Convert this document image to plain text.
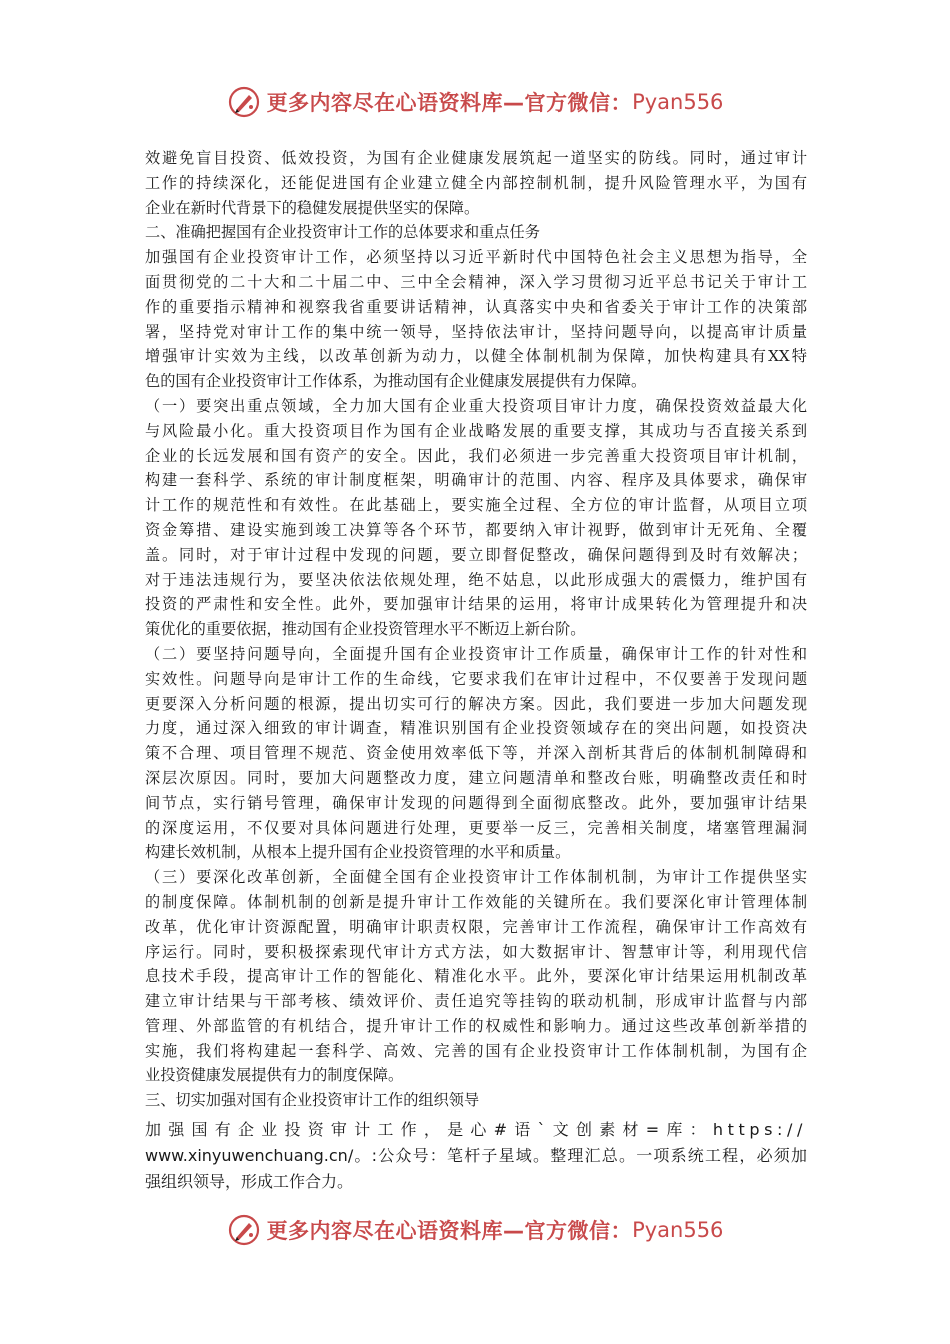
更多内容尽在心语资料库—官方微信： Pyan556
效避免盲目投资、低效投资，为国有企业健康发展筑起一道坚实的防线。同时，通过审计
工作的持续深化，还能促进国有企业建立健全内部控制机制，提升风险管理水平，为国有
企业在新时代背景下的稳健发展提供坚实的保障。
二、准确把握国有企业投资审计工作的总体要求和重点任务
加强国有企业投资审计工作，必须坚持以习近平新时代中国特色社会主义思想为指导，全
面贯彻党的二十大和二十届二中、三中全会精神，深入学习贯彻习近平总书记关于审计工
作的重要指示精神和视察我省重要讲话精神，认真落实中央和省委关于审计工作的决策部
署，坚持党对审计工作的集中统一领导，坚持依法审计，坚持问题导向，以提高审计质量
增强审计实效为主线，以改革创新为动力，以健全体制机制为保障，加快构建具有XX特
色的国有企业投资审计工作体系，为推动国有企业健康发展提供有力保障。
（一）要突出重点领域，全力加大国有企业重大投资项目审计力度，确保投资效益最大化
与风险最小化。重大投资项目作为国有企业战略发展的重要支撑，其成功与否直接关系到
企业的长远发展和国有资产的安全。因此，我们必须进一步完善重大投资项目审计机制，
构建一套科学、系统的审计制度框架，明确审计的范围、内容、程序及具体要求，确保审
计工作的规范性和有效性。在此基础上，要实施全过程、全方位的审计监督，从项目立项
资金筹措、建设实施到竣工决算等各个环节，都要纳入审计视野，做到审计无死角、全覆
盖。同时，对于审计过程中发现的问题，要立即督促整改，确保问题得到及时有效解决；
对于违法违规行为，要坚决依法依规处理，绝不姑息，以此形成强大的震慑力，维护国有
投资的严肃性和安全性。此外，要加强审计结果的运用，将审计成果转化为管理提升和决
策优化的重要依据，推动国有企业投资管理水平不断迈上新台阶。
（二）要坚持问题导向，全面提升国有企业投资审计工作质量，确保审计工作的针对性和
实效性。问题导向是审计工作的生命线，它要求我们在审计过程中，不仅要善于发现问题
更要深入分析问题的根源，提出切实可行的解决方案。因此，我们要进一步加大问题发现
力度，通过深入细致的审计调查，精准识别国有企业投资领域存在的突出问题，如投资决
策不合理、项目管理不规范、资金使用效率低下等，并深入剖析其背后的体制机制障碍和
深层次原因。同时，要加大问题整改力度，建立问题清单和整改台账，明确整改责任和时
间节点，实行销号管理，确保审计发现的问题得到全面彻底整改。此外，要加强审计结果
的深度运用，不仅要对具体问题进行处理，更要举一反三，完善相关制度，堵塞管理漏洞
构建长效机制，从根本上提升国有企业投资管理的水平和质量。
（三）要深化改革创新，全面健全国有企业投资审计工作体制机制，为审计工作提供坚实
的制度保障。体制机制的创新是提升审计工作效能的关键所在。我们要深化审计管理体制
改革，优化审计资源配置，明确审计职责权限，完善审计工作流程，确保审计工作高效有
序运行。同时，要积极探索现代审计方式方法，如大数据审计、智慧审计等，利用现代信
息技术手段，提高审计工作的智能化、精准化水平。此外，要深化审计结果运用机制改革
建立审计结果与干部考核、绩效评价、责任追究等挂钩的联动机制，形成审计监督与内部
管理、外部监管的有机结合，提升审计工作的权威性和影响力。通过这些改革创新举措的
实施，我们将构建起一套科学、高效、完善的国有企业投资审计工作体制机制，为国有企
业投资健康发展提供有力的制度保障。
三、切实加强对国有企业投资审计工作的组织领导
加强国有企业投资审计工作，是心#语`文创素材=库：https://
www.xinyuwenchuang.cn/。:公众号：笔杆子星域。整理汇总。一项系统工程，必须加
强组织领导，形成工作合力。
更多内容尽在心语资料库—官方微信： Pyan556
